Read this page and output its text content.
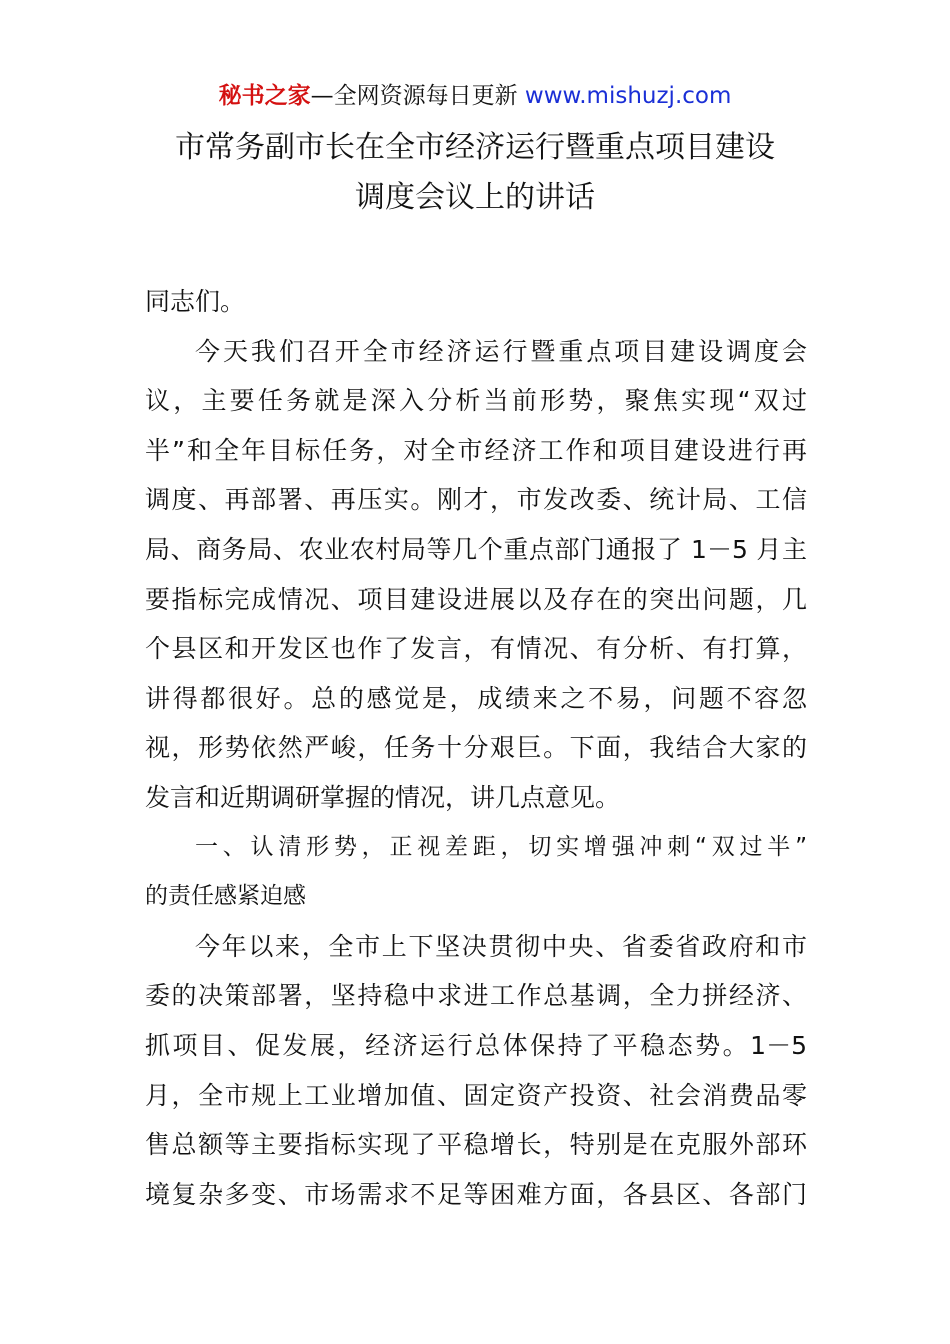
秘书之家—全网资源每日更新 www.mishuzj.com
市常务副市长在全市经济运行暨重点项目建设
调度会议上的讲话
同志们。
今天我们召开全市经济运行暨重点项目建设调度会
议，主要任务就是深入分析当前形势，聚焦实现“双过
半”和全年目标任务，对全市经济工作和项目建设进行再
调度、再部署、再压实。刚才，市发改委、统计局、工信
局、商务局、农业农村局等几个重点部门通报了 1－5 月主
要指标完成情况、项目建设进展以及存在的突出问题，几
个县区和开发区也作了发言，有情况、有分析、有打算，
讲得都很好。总的感觉是，成绩来之不易，问题不容忽
视，形势依然严峻，任务十分艰巨。下面，我结合大家的
发言和近期调研掌握的情况，讲几点意见。
一、认清形势，正视差距，切实增强冲刺“双过半”
的责任感紧迫感
今年以来，全市上下坚决贯彻中央、省委省政府和市
委的决策部署，坚持稳中求进工作总基调，全力拼经济、
抓项目、促发展，经济运行总体保持了平稳态势。1－5
月，全市规上工业增加值、固定资产投资、社会消费品零
售总额等主要指标实现了平稳增长，特别是在克服外部环
境复杂多变、市场需求不足等困难方面，各县区、各部门
